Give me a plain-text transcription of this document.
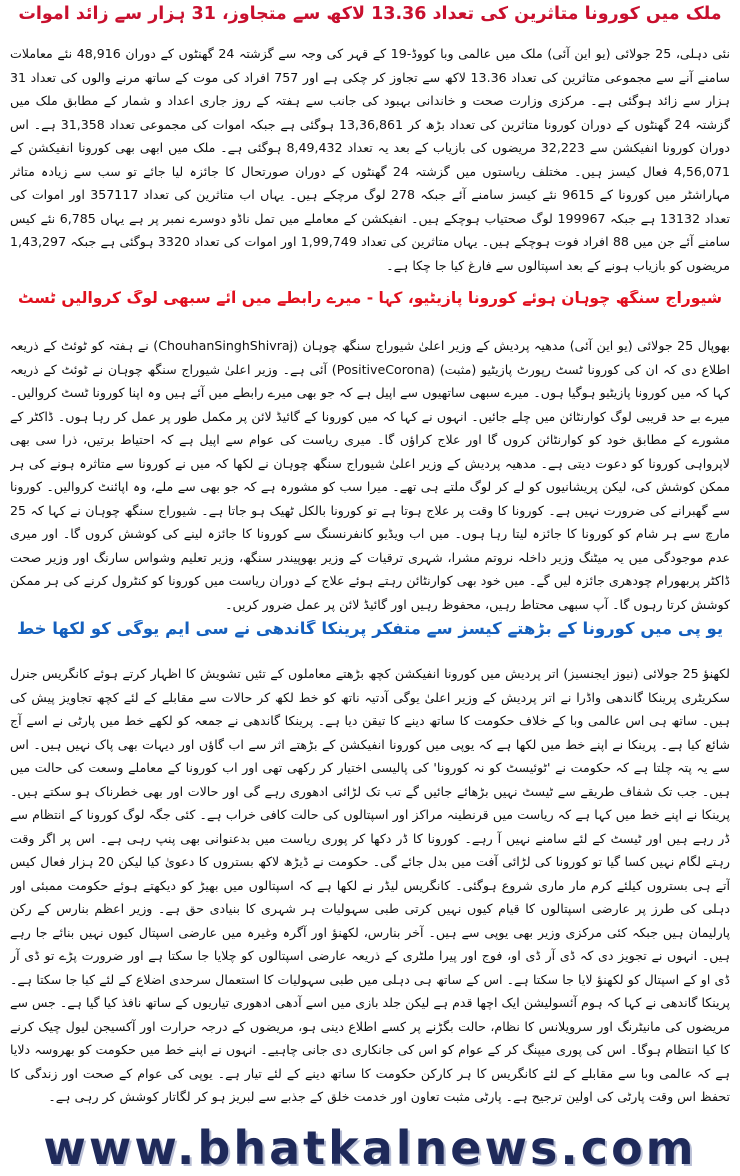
ملک میں کورونا متاثرین کی تعداد 13.36 لاکھ سے متجاوز، 31 ہزار سے زائد اموات
نئی دہلی، 25 جولائی (یو این آئی) ملک میں عالمی وبا کووڈ-19 کے قہر کی وجہ سے گزشتہ 24 گھنٹوں کے دوران 48,916 نئے معاملات سامنے آنے سے مجموعی متاثرین کی تعداد 13.36 لاکھ سے تجاوز کر چکی ہے اور 757 افراد کی موت کے ساتھ مرنے والوں کی تعداد 31 ہزار سے زائد ہوگئی ہے۔ مرکزی وزارت صحت و خاندانی بہبود کی جانب سے ہفتہ کے روز جاری اعداد و شمار کے مطابق ملک میں گزشتہ 24 گھنٹوں کے دوران کورونا متاثرین کی تعداد بڑھ کر 13,36,861 ہوگئی ہے جبکہ اموات کی مجموعی تعداد 31,358 ہے۔ اس دوران کورونا انفیکشن سے 32,223 مریضوں کی بازیاب کے بعد یہ تعداد 8,49,432 ہوگئی ہے۔ ملک میں ابھی بھی کورونا انفیکشن کے 4,56,071 فعال کیسز ہیں۔ مختلف ریاستوں میں گزشتہ 24 گھنٹوں کے دوران صورتحال کا جائزہ لیا جائے تو سب سے زیادہ متاثر مہاراشٹر میں کورونا کے 9615 نئے کیسز سامنے آئے جبکہ 278 لوگ مرچکے ہیں۔ یہاں اب متاثرین کی تعداد 357117 اور اموات کی تعداد 13132 ہے جبکہ 199967 لوگ صحتیاب ہوچکے ہیں۔ انفیکشن کے معاملے میں تمل ناڈو دوسرے نمبر پر ہے یہاں 6,785 نئے کیس سامنے آئے جن میں 88 افراد فوت ہوچکے ہیں۔ یہاں متاثرین کی تعداد 1,99,749 اور اموات کی تعداد 3320 ہوگئی ہے جبکہ 1,43,297 مریضوں کو بازیاب ہونے کے بعد اسپتالوں سے فارغ کیا جا چکا ہے۔
شیوراج سنگھ چوہان ہوئے کورونا پازیٹیو، کہا - میرے رابطے میں آئے سبھی لوگ کروالیں ٹسٹ
بھوپال 25 جولائی (یو این آئی) مدھیہ پردیش کے وزیر اعلیٰ شیوراج سنگھ چوہان (ChouhanSinghShivraj) نے ہفتہ کو ٹوئٹ کے ذریعہ اطلاع دی کہ ان کی کورونا ٹسٹ رپورٹ پازیٹیو (مثبت) (PositiveCorona) آئی ہے۔ وزیر اعلیٰ شیوراج سنگھ چوہان نے ٹوئٹ کے ذریعہ کہا کہ میں کورونا پازیٹیو ہوگیا ہوں۔ میرے سبھی ساتھیوں سے اپیل ہے کہ جو بھی میرے رابطے میں آئے ہیں وہ اپنا کورونا ٹسٹ کروالیں۔ میرے بے حد قریبی لوگ کوارنٹائن میں چلے جائیں۔ انہوں نے کہا کہ میں کورونا کے گائیڈ لائن پر مکمل طور پر عمل کر رہا ہوں۔ ڈاکٹر کے مشورے کے مطابق خود کو کوارنٹائن کروں گا اور علاج کراؤں گا۔ میری ریاست کی عوام سے اپیل ہے کہ احتیاط برتیں، ذرا سی بھی لاپرواہی کورونا کو دعوت دیتی ہے۔ مدھیہ پردیش کے وزیر اعلیٰ شیوراج سنگھ چوہان نے لکھا کہ میں نے کورونا سے متاثرہ ہونے کی ہر ممکن کوشش کی، لیکن پریشانیوں کو لے کر لوگ ملتے ہی تھے۔ میرا سب کو مشورہ ہے کہ جو بھی سے ملے، وہ اپائنٹ کروالیں۔ کورونا سے گھبرانے کی ضرورت نہیں ہے۔ کورونا کا وقت پر علاج ہوتا ہے تو کورونا بالکل ٹھیک ہو جاتا ہے۔ شیوراج سنگھ چوہان نے کہا کہ 25 مارچ سے ہر شام کو کورونا کا جائزہ لیتا رہا ہوں۔ میں اب ویڈیو کانفرنسنگ سے کورونا کا جائزہ لینے کی کوشش کروں گا۔ اور میری عدم موجودگی میں یہ میٹنگ وزیر داخلہ نروتم مشرا، شہری ترقیات کے وزیر بھوپیندر سنگھ، وزیر تعلیم وشواس سارنگ اور وزیر صحت ڈاکٹر پربھورام چودھری جائزہ لیں گے۔ میں خود بھی کوارنٹائن رہتے ہوئے علاج کے دوران ریاست میں کورونا کو کنٹرول کرنے کی ہر ممکن کوشش کرتا رہوں گا۔ آپ سبھی محتاط رہیں، محفوظ رہیں اور گائیڈ لائن پر عمل ضرور کریں۔
یو پی میں کورونا کے بڑھتے کیسز سے متفکر پرینکا گاندھی نے سی ایم یوگی کو لکھا خط
لکھنؤ 25 جولائی (نیوز ایجنسیز) اتر پردیش میں کورونا انفیکشن کچھ بڑھتے معاملوں کے تئیں تشویش کا اظہار کرتے ہوئے کانگریس جنرل سکریٹری پرینکا گاندھی واڈرا نے اتر پردیش کے وزیر اعلیٰ یوگی آدتیہ ناتھ کو خط لکھ کر حالات سے مقابلے کے لئے کچھ تجاویز پیش کی ہیں۔ ساتھ ہی اس عالمی وبا کے خلاف حکومت کا ساتھ دینے کا تیقن دیا ہے۔ پرینکا گاندھی نے جمعہ کو لکھے خط میں پارٹی نے اسے آج شائع کیا ہے۔ پرینکا نے اپنے خط میں لکھا ہے کہ یوپی میں کورونا انفیکشن کے بڑھتے اثر سے اب گاؤں اور دیہات بھی پاک نہیں ہیں۔ اس سے یہ پتہ چلتا ہے کہ حکومت نے 'ٹوئیسٹ کو نہ کورونا' کی پالیسی اختیار کر رکھی تھی اور اب کورونا کے معاملے وسعت کی حالت میں ہیں۔ جب تک شفاف طریقے سے ٹیسٹ نہیں بڑھائے جائیں گے تب تک لڑائی ادھوری رہے گی اور حالات اور بھی خطرناک ہو سکتے ہیں۔ پرینکا نے اپنے خط میں کہا ہے کہ ریاست میں قرنطینہ مراکز اور اسپتالوں کی حالت کافی خراب ہے۔ کئی جگہ لوگ کورونا کے انتظام سے ڈر رہے ہیں اور ٹیسٹ کے لئے سامنے نہیں آ رہے۔ کورونا کا ڈر دکھا کر پوری ریاست میں بدعنوانی بھی پنپ رہی ہے۔ اس پر اگر وقت رہتے لگام نہیں کسا گیا تو کورونا کی لڑائی آفت میں بدل جائے گی۔ حکومت نے ڈیڑھ لاکھ بستروں کا دعویٰ کیا لیکن 20 ہزار فعال کیس آتے ہی بستروں کیلئے کرم مار ماری شروع ہوگئی۔ کانگریس لیڈر نے لکھا ہے کہ اسپتالوں میں بھیڑ کو دیکھتے ہوئے حکومت ممبئی اور دہلی کی طرز پر عارضی اسپتالوں کا قیام کیوں نہیں کرتی طبی سہولیات ہر شہری کا بنیادی حق ہے۔ وزیر اعظم بنارس کے رکن پارلیمان ہیں جبکہ کئی مرکزی وزیر بھی یوپی سے ہیں۔ آخر بنارس، لکھنؤ اور آگرہ وغیرہ میں عارضی اسپتال کیوں نہیں بنائے جا رہے ہیں۔ انہوں نے تجویز دی کہ ڈی آر ڈی او، فوج اور پیرا ملٹری کے ذریعہ عارضی اسپتالوں کو چلایا جا سکتا ہے اور ضرورت پڑے تو ڈی آر ڈی او کے اسپتال کو لکھنؤ لایا جا سکتا ہے۔ اس کے ساتھ ہی دہلی میں طبی سہولیات کا استعمال سرحدی اضلاع کے لئے کیا جا سکتا ہے۔ پرینکا گاندھی نے کہا کہ ہوم آئسولیشن ایک اچھا قدم ہے لیکن جلد بازی میں اسے آدھی ادھوری تیاریوں کے ساتھ نافذ کیا گیا ہے۔ جس سے مریضوں کی مانیٹرنگ اور سرویلانس کا نظام، حالت بگڑنے پر کسے اطلاع دینی ہو، مریضوں کے درجہ حرارت اور آکسیجن لیول چیک کرنے کا کیا انتظام ہوگا۔ اس کی پوری میپنگ کر کے عوام کو اس کی جانکاری دی جانی چاہیے۔ انہوں نے اپنے خط میں حکومت کو بھروسہ دلایا ہے کہ عالمی وبا سے مقابلے کے لئے کانگریس کا ہر کارکن حکومت کا ساتھ دینے کے لئے تیار ہے۔ یوپی کی عوام کے صحت اور زندگی کا تحفظ اس وقت پارٹی کی اولین ترجیح ہے۔ پارٹی مثبت تعاون اور خدمت خلق کے جذبے سے لبریز ہو کر لگاتار کوشش کر رہی ہے۔
www.bhatkalnews.com
